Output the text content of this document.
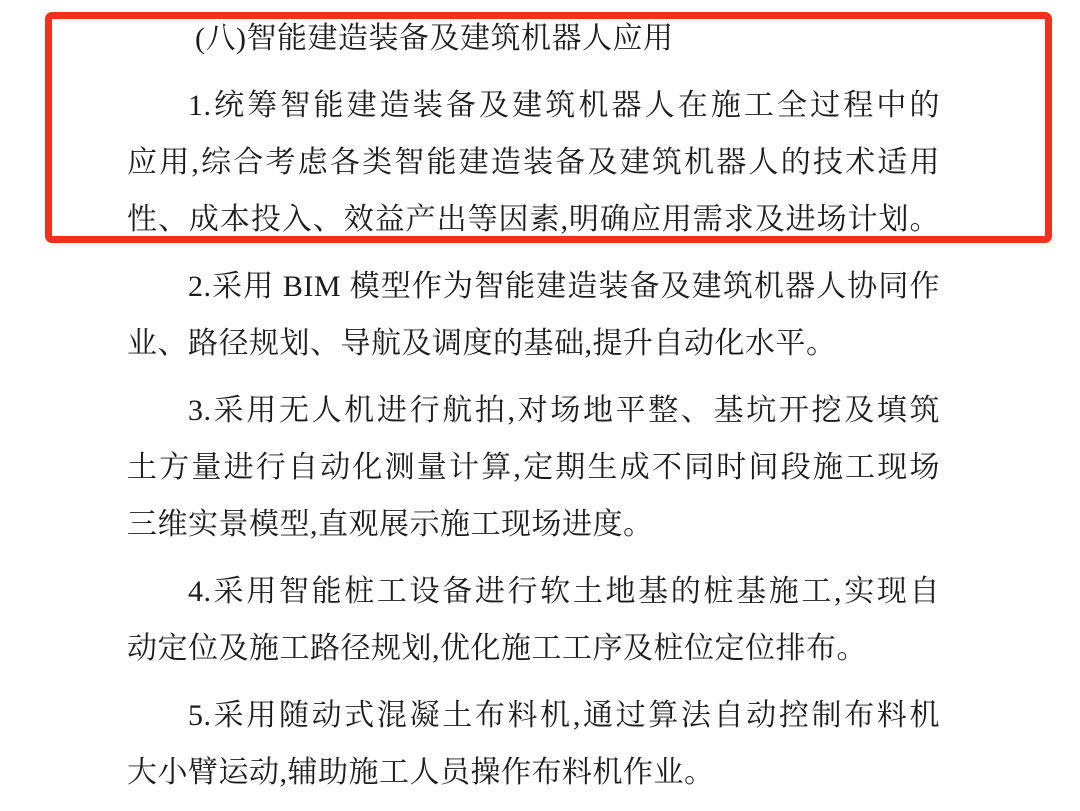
(八)智能建造装备及建筑机器人应用
1.统筹智能建造装备及建筑机器人在施工全过程中的
应用,综合考虑各类智能建造装备及建筑机器人的技术适用
性、成本投入、效益产出等因素,明确应用需求及进场计划。
2.采用 BIM 模型作为智能建造装备及建筑机器人协同作
业、路径规划、导航及调度的基础,提升自动化水平。
3.采用无人机进行航拍,对场地平整、基坑开挖及填筑
土方量进行自动化测量计算,定期生成不同时间段施工现场
三维实景模型,直观展示施工现场进度。
4.采用智能桩工设备进行软土地基的桩基施工,实现自
动定位及施工路径规划,优化施工工序及桩位定位排布。
5.采用随动式混凝土布料机,通过算法自动控制布料机
大小臂运动,辅助施工人员操作布料机作业。
